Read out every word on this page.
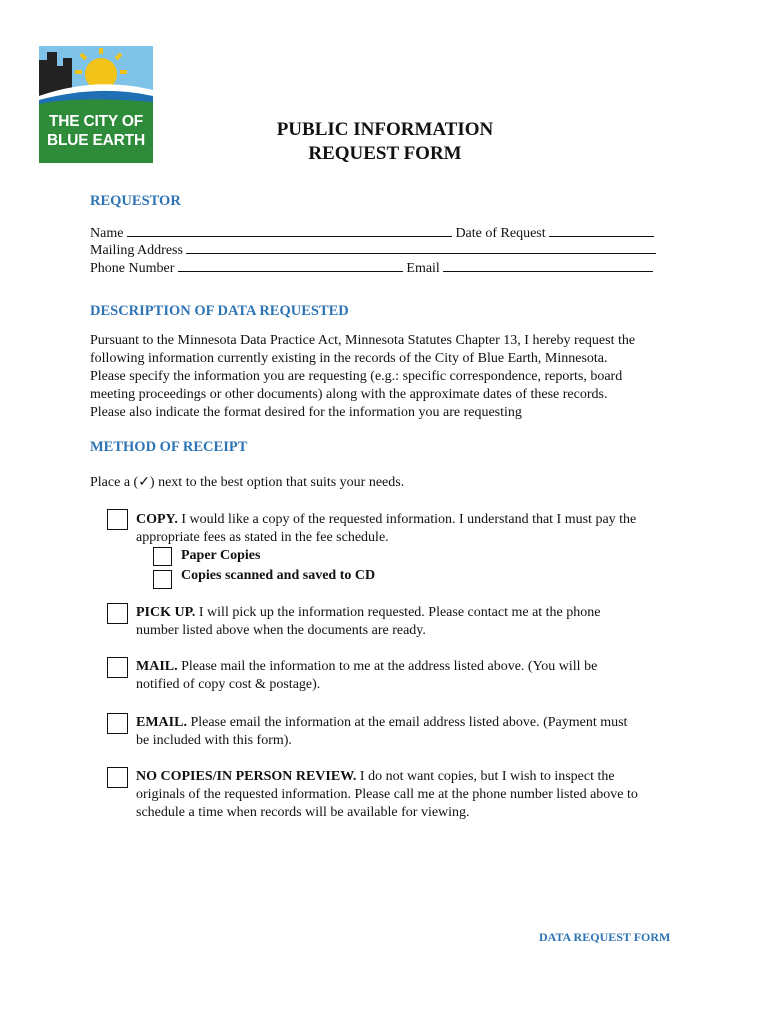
THE CITY OF
BLUE EARTH
PUBLIC INFORMATION
REQUEST FORM
REQUESTOR
Name	Date of Request
Mailing Address
Phone Number	Email
DESCRIPTION OF DATA REQUESTED

Pursuant to the Minnesota Data Practice Act, Minnesota Statutes Chapter 13, I hereby request the

following information currently existing in the records of the City of Blue Earth, Minnesota.

Please specify the information you are requesting (e.g.: specific correspondence, reports, board

meeting proceedings or other documents) along with the approximate dates of these records.

Please also indicate the format desired for the information you are requesting

METHOD OF RECEIPT
Place a (✓) next to the best option that suits your needs.

COPY. I would like a copy of the requested information. I understand that I must pay the

appropriate fees as stated in the fee schedule.

Paper Copies
Copies scanned and saved to CD

PICK UP. I will pick up the information requested. Please contact me at the phone

number listed above when the documents are ready.

MAIL. Please mail the information to me at the address listed above. (You will be

notified of copy cost & postage).

EMAIL. Please email the information at the email address listed above. (Payment must

be included with this form).

NO COPIES/IN PERSON REVIEW. I do not want copies, but I wish to inspect the

originals of the requested information. Please call me at the phone number listed above to

schedule a time when records will be available for viewing.

DATA REQUEST FORM
